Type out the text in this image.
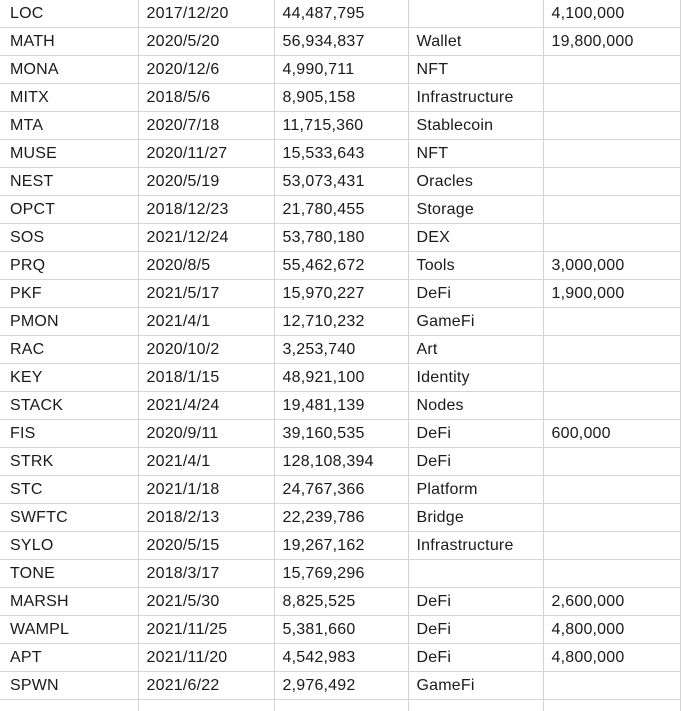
LOC	2017/12/20	44,487,795		4,100,000
MATH	2020/5/20	56,934,837	Wallet	19,800,000
MONA	2020/12/6	4,990,711	NFT	
MITX	2018/5/6	8,905,158	Infrastructure	
MTA	2020/7/18	11,715,360	Stablecoin	
MUSE	2020/11/27	15,533,643	NFT	
NEST	2020/5/19	53,073,431	Oracles	
OPCT	2018/12/23	21,780,455	Storage	
SOS	2021/12/24	53,780,180	DEX	
PRQ	2020/8/5	55,462,672	Tools	3,000,000
PKF	2021/5/17	15,970,227	DeFi	1,900,000
PMON	2021/4/1	12,710,232	GameFi	
RAC	2020/10/2	3,253,740	Art	
KEY	2018/1/15	48,921,100	Identity	
STACK	2021/4/24	19,481,139	Nodes	
FIS	2020/9/11	39,160,535	DeFi	600,000
STRK	2021/4/1	128,108,394	DeFi	
STC	2021/1/18	24,767,366	Platform	
SWFTC	2018/2/13	22,239,786	Bridge	
SYLO	2020/5/15	19,267,162	Infrastructure	
TONE	2018/3/17	15,769,296		
MARSH	2021/5/30	8,825,525	DeFi	2,600,000
WAMPL	2021/11/25	5,381,660	DeFi	4,800,000
APT	2021/11/20	4,542,983	DeFi	4,800,000
SPWN	2021/6/22	2,976,492	GameFi	
